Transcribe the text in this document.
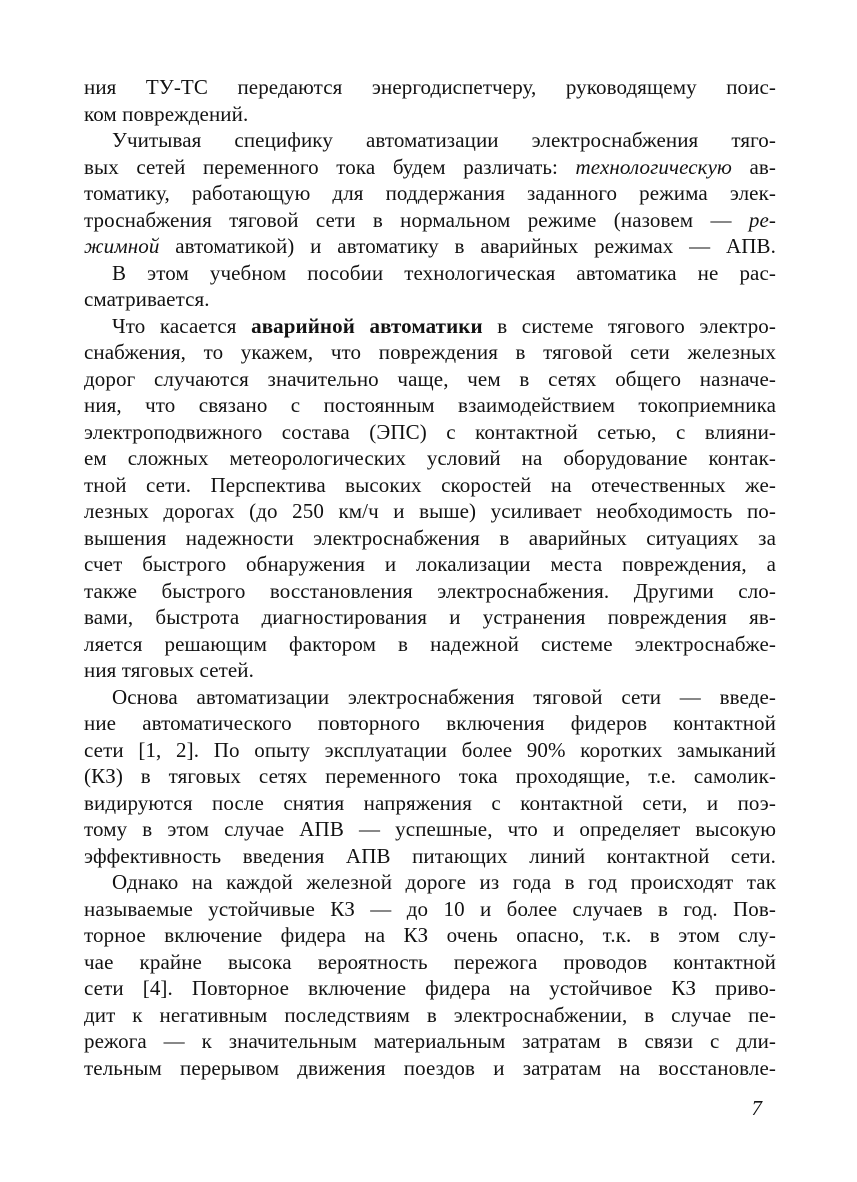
ния ТУ-ТС передаются энергодиспетчеру, руководящему поис-
ком повреждений.
Учитывая специфику автоматизации электроснабжения тяго-
вых сетей переменного тока будем различать: технологическую ав-
томатику, работающую для поддержания заданного режима элек-
троснабжения тяговой сети в нормальном режиме (назовем — ре-
жимной автоматикой) и автоматику в аварийных режимах — АПВ.
В этом учебном пособии технологическая автоматика не рас-
сматривается.
Что касается аварийной автоматики в системе тягового электро-
снабжения, то укажем, что повреждения в тяговой сети железных
дорог случаются значительно чаще, чем в сетях общего назначе-
ния, что связано с постоянным взаимодействием токоприемника
электроподвижного состава (ЭПС) с контактной сетью, с влияни-
ем сложных метеорологических условий на оборудование контак-
тной сети. Перспектива высоких скоростей на отечественных же-
лезных дорогах (до 250 км/ч и выше) усиливает необходимость по-
вышения надежности электроснабжения в аварийных ситуациях за
счет быстрого обнаружения и локализации места повреждения, а
также быстрого восстановления электроснабжения. Другими сло-
вами, быстрота диагностирования и устранения повреждения яв-
ляется решающим фактором в надежной системе электроснабже-
ния тяговых сетей.
Основа автоматизации электроснабжения тяговой сети — введе-
ние автоматического повторного включения фидеров контактной
сети [1, 2]. По опыту эксплуатации более 90% коротких замыканий
(КЗ) в тяговых сетях переменного тока проходящие, т.е. самолик-
видируются после снятия напряжения с контактной сети, и поэ-
тому в этом случае АПВ — успешные, что и определяет высокую
эффективность введения АПВ питающих линий контактной сети.
Однако на каждой железной дороге из года в год происходят так
называемые устойчивые КЗ — до 10 и более случаев в год. Пов-
торное включение фидера на КЗ очень опасно, т.к. в этом слу-
чае крайне высока вероятность пережога проводов контактной
сети [4]. Повторное включение фидера на устойчивое КЗ приво-
дит к негативным последствиям в электроснабжении, в случае пе-
режога — к значительным материальным затратам в связи с дли-
тельным перерывом движения поездов и затратам на восстановле-
7
